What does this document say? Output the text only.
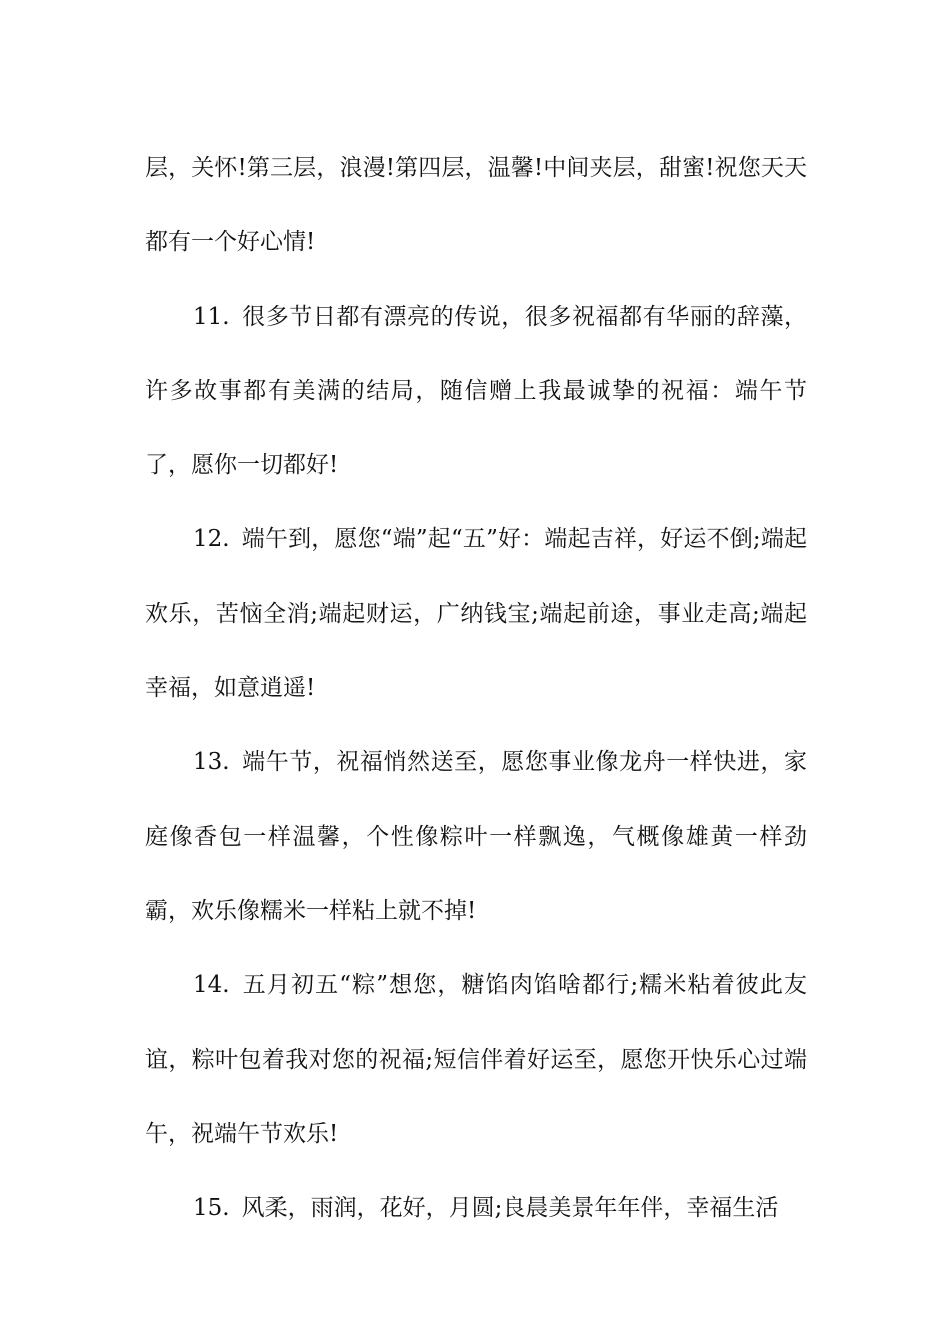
层，关怀!第三层，浪漫!第四层，温馨!中间夹层，甜蜜!祝您天天都有一个好心情!

11. 很多节日都有漂亮的传说，很多祝福都有华丽的辞藻，许多故事都有美满的结局，随信赠上我最诚挚的祝福：端午节了，愿你一切都好!

12. 端午到，愿您“端”起“五”好：端起吉祥，好运不倒;端起欢乐，苦恼全消;端起财运，广纳钱宝;端起前途，事业走高;端起幸福，如意逍遥!

13. 端午节，祝福悄然送至，愿您事业像龙舟一样快进，家庭像香包一样温馨，个性像粽叶一样飘逸，气概像雄黄一样劲霸，欢乐像糯米一样粘上就不掉!

14. 五月初五“粽”想您，糖馅肉馅啥都行;糯米粘着彼此友谊，粽叶包着我对您的祝福;短信伴着好运至，愿您开快乐心过端午，祝端午节欢乐!

15. 风柔，雨润，花好，月圆;良晨美景年年伴，幸福生活
